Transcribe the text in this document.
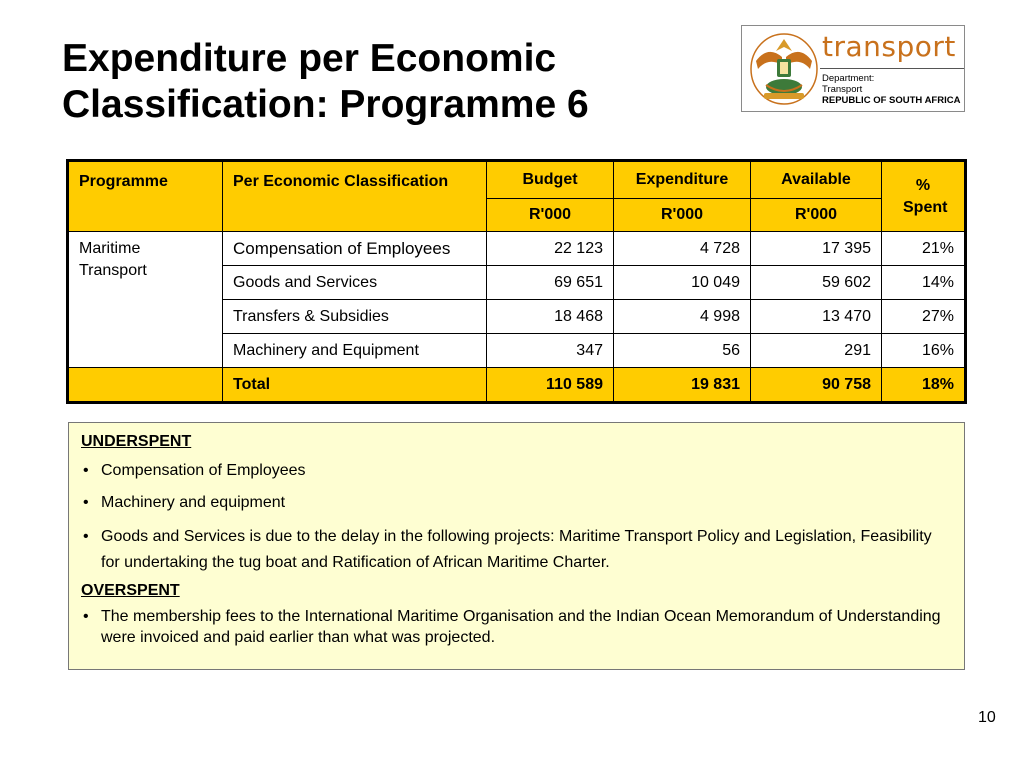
Expenditure per Economic
Classification: Programme 6
transport
Department:
Transport
REPUBLIC OF SOUTH AFRICA
Programme	Per Economic Classification	Budget	Expenditure	Available	% Spent
		R'000	R'000	R'000	
Maritime Transport	Compensation of Employees	22 123	4 728	17 395	21%
	Goods and Services	69 651	10 049	59 602	14%
	Transfers & Subsidies	18 468	4 998	13 470	27%
	Machinery and Equipment	347	56	291	16%
	Total	110 589	19 831	90 758	18%
UNDERSPENT
• Compensation of Employees
• Machinery and equipment
• Goods and Services is due to the delay in the following projects: Maritime Transport Policy and Legislation, Feasibility for undertaking the tug boat and Ratification of African Maritime Charter.
OVERSPENT
• The membership fees to the International Maritime Organisation and the Indian Ocean Memorandum of Understanding were invoiced and paid earlier than what was projected.
10
